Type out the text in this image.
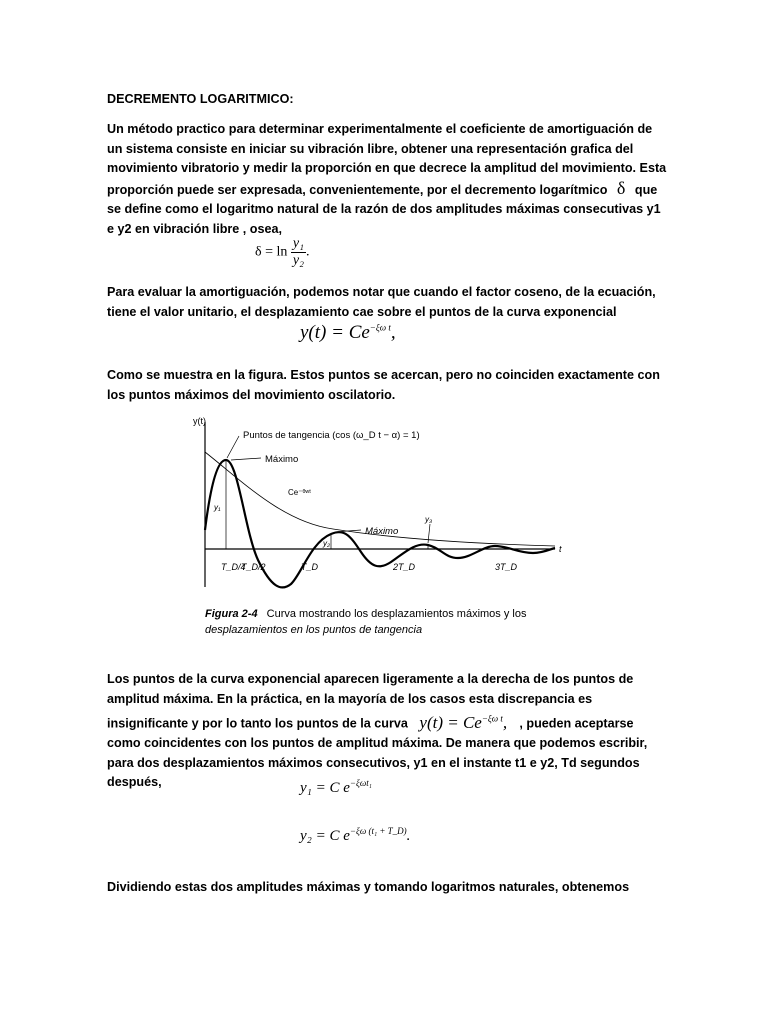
DECREMENTO LOGARITMICO:
Un método practico para determinar experimentalmente el coeficiente de amortiguación de un sistema consiste en iniciar su vibración libre, obtener una representación grafica del movimiento vibratorio y medir la proporción en que decrece la amplitud del movimiento. Esta proporción puede ser expresada, convenientemente, por el decremento logarítmico δ que se define como el logaritmo natural de la razón de dos amplitudes máximas consecutivas y1 e y2 en vibración libre , osea,
$\delta = \ln \frac{\text{y₁}}{\text{y₂}}$ .
Para evaluar la amortiguación, podemos notar que cuando el factor coseno, de la ecuación, tiene el valor unitario, el desplazamiento cae sobre el puntos de la curva exponencial
$y(t) = Ce^{-\xi\omega t}$,
Como se muestra en la figura. Estos puntos se acercan, pero no coinciden exactamente con los puntos máximos del movimiento oscilatorio.
y(t)
t
Puntos de tangencia (cos (ω_D t − α) = 1)
Máximo
Ce⁻ᶿʷᵗ
Máximo
y₁
y₂
y₃
T_D/4
T_D/2	T_D	2T_D	3T_D
Figura 2-4 Curva mostrando los desplazamientos máximos y los
desplazamientos en los puntos de tangencia
Los puntos de la curva exponencial aparecen ligeramente a la derecha de los puntos de amplitud máxima. En la práctica, en la mayoría de los casos esta discrepancia es insignificante y por lo tanto los puntos de la curva $y(t) = Ce^{-\xi\omega t}$, , pueden aceptarse como coincidentes con los puntos de amplitud máxima. De manera que podemos escribir, para dos desplazamientos máximos consecutivos, y1 en el instante t1 e y2, Td segundos después,	y₁ = C $e^{-\xi\omega t_1}$
y₂ = C $e^{-\xi\omega (t_1 + T\_D)}$.
Dividiendo estas dos amplitudes máximas y tomando logaritmos naturales, obtenemos
